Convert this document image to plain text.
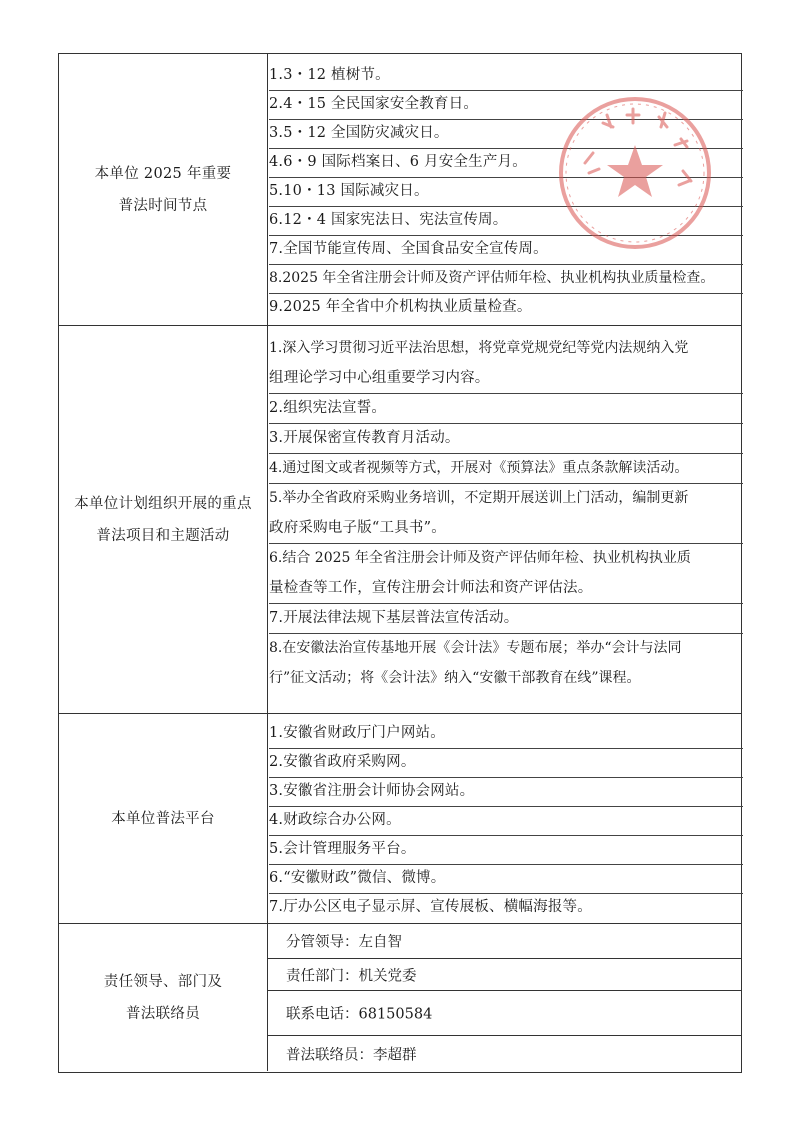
本单位 2025 年重要
普法时间节点
1.3・12 植树节。
2.4・15 全民国家安全教育日。
3.5・12 全国防灾减灾日。
4.6・9 国际档案日、6 月安全生产月。
5.10・13 国际减灾日。
6.12・4 国家宪法日、宪法宣传周。
7.全国节能宣传周、全国食品安全宣传周。
8.2025 年全省注册会计师及资产评估师年检、执业机构执业质量检查。
9.2025 年全省中介机构执业质量检查。
本单位计划组织开展的重点
普法项目和主题活动
1.深入学习贯彻习近平法治思想，将党章党规党纪等党内法规纳入党
组理论学习中心组重要学习内容。
2.组织宪法宣誓。
3.开展保密宣传教育月活动。
4.通过图文或者视频等方式，开展对《预算法》重点条款解读活动。
5.举办全省政府采购业务培训，不定期开展送训上门活动，编制更新
政府采购电子版“工具书”。
6.结合 2025 年全省注册会计师及资产评估师年检、执业机构执业质
量检查等工作，宣传注册会计师法和资产评估法。
7.开展法律法规下基层普法宣传活动。
8.在安徽法治宣传基地开展《会计法》专题布展；举办“会计与法同
行”征文活动；将《会计法》纳入“安徽干部教育在线”课程。
本单位普法平台
1.安徽省财政厅门户网站。
2.安徽省政府采购网。
3.安徽省注册会计师协会网站。
4.财政综合办公网。
5.会计管理服务平台。
6.“安徽财政”微信、微博。
7.厅办公区电子显示屏、宣传展板、横幅海报等。
责任领导、部门及
普法联络员
分管领导：左自智
责任部门：机关党委
联系电话：68150584
普法联络员：李超群
